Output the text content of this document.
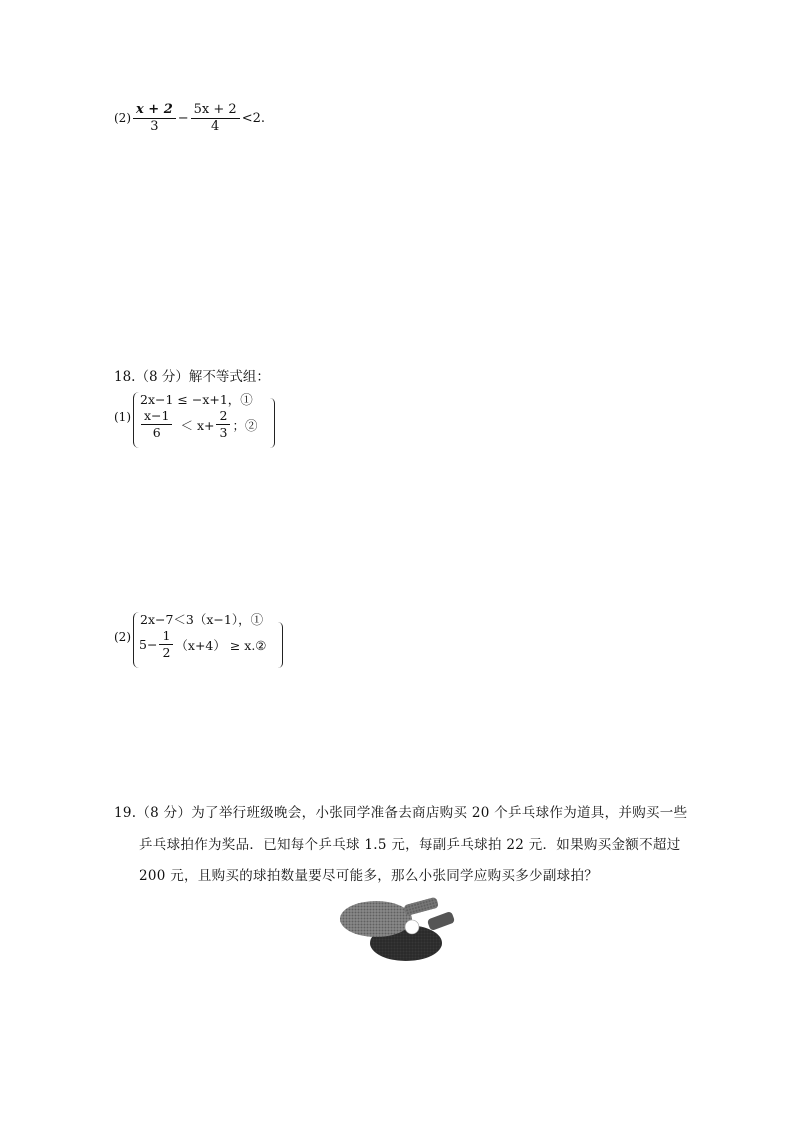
$(2) \frac{x + 2}{3} - \frac{5x + 2}{4} <2$.
18.（8 分）解不等式组：
(1)
2x−1 ≤ −x+1，①
$\frac{x-1}{6} < x+ \frac{2}{3}$ ；②
(2)
2x−7＜3（x−1），①
$5- \frac{1}{2} (x+4)$ ≥ x.②
19.（8 分）为了举行班级晚会，小张同学准备去商店购买 20 个乒乓球作为道具，并购买一些
乒乓球拍作为奖品．已知每个乒乓球 1.5 元，每副乒乓球拍 22 元．如果购买金额不超过
200 元，且购买的球拍数量要尽可能多，那么小张同学应购买多少副球拍？
